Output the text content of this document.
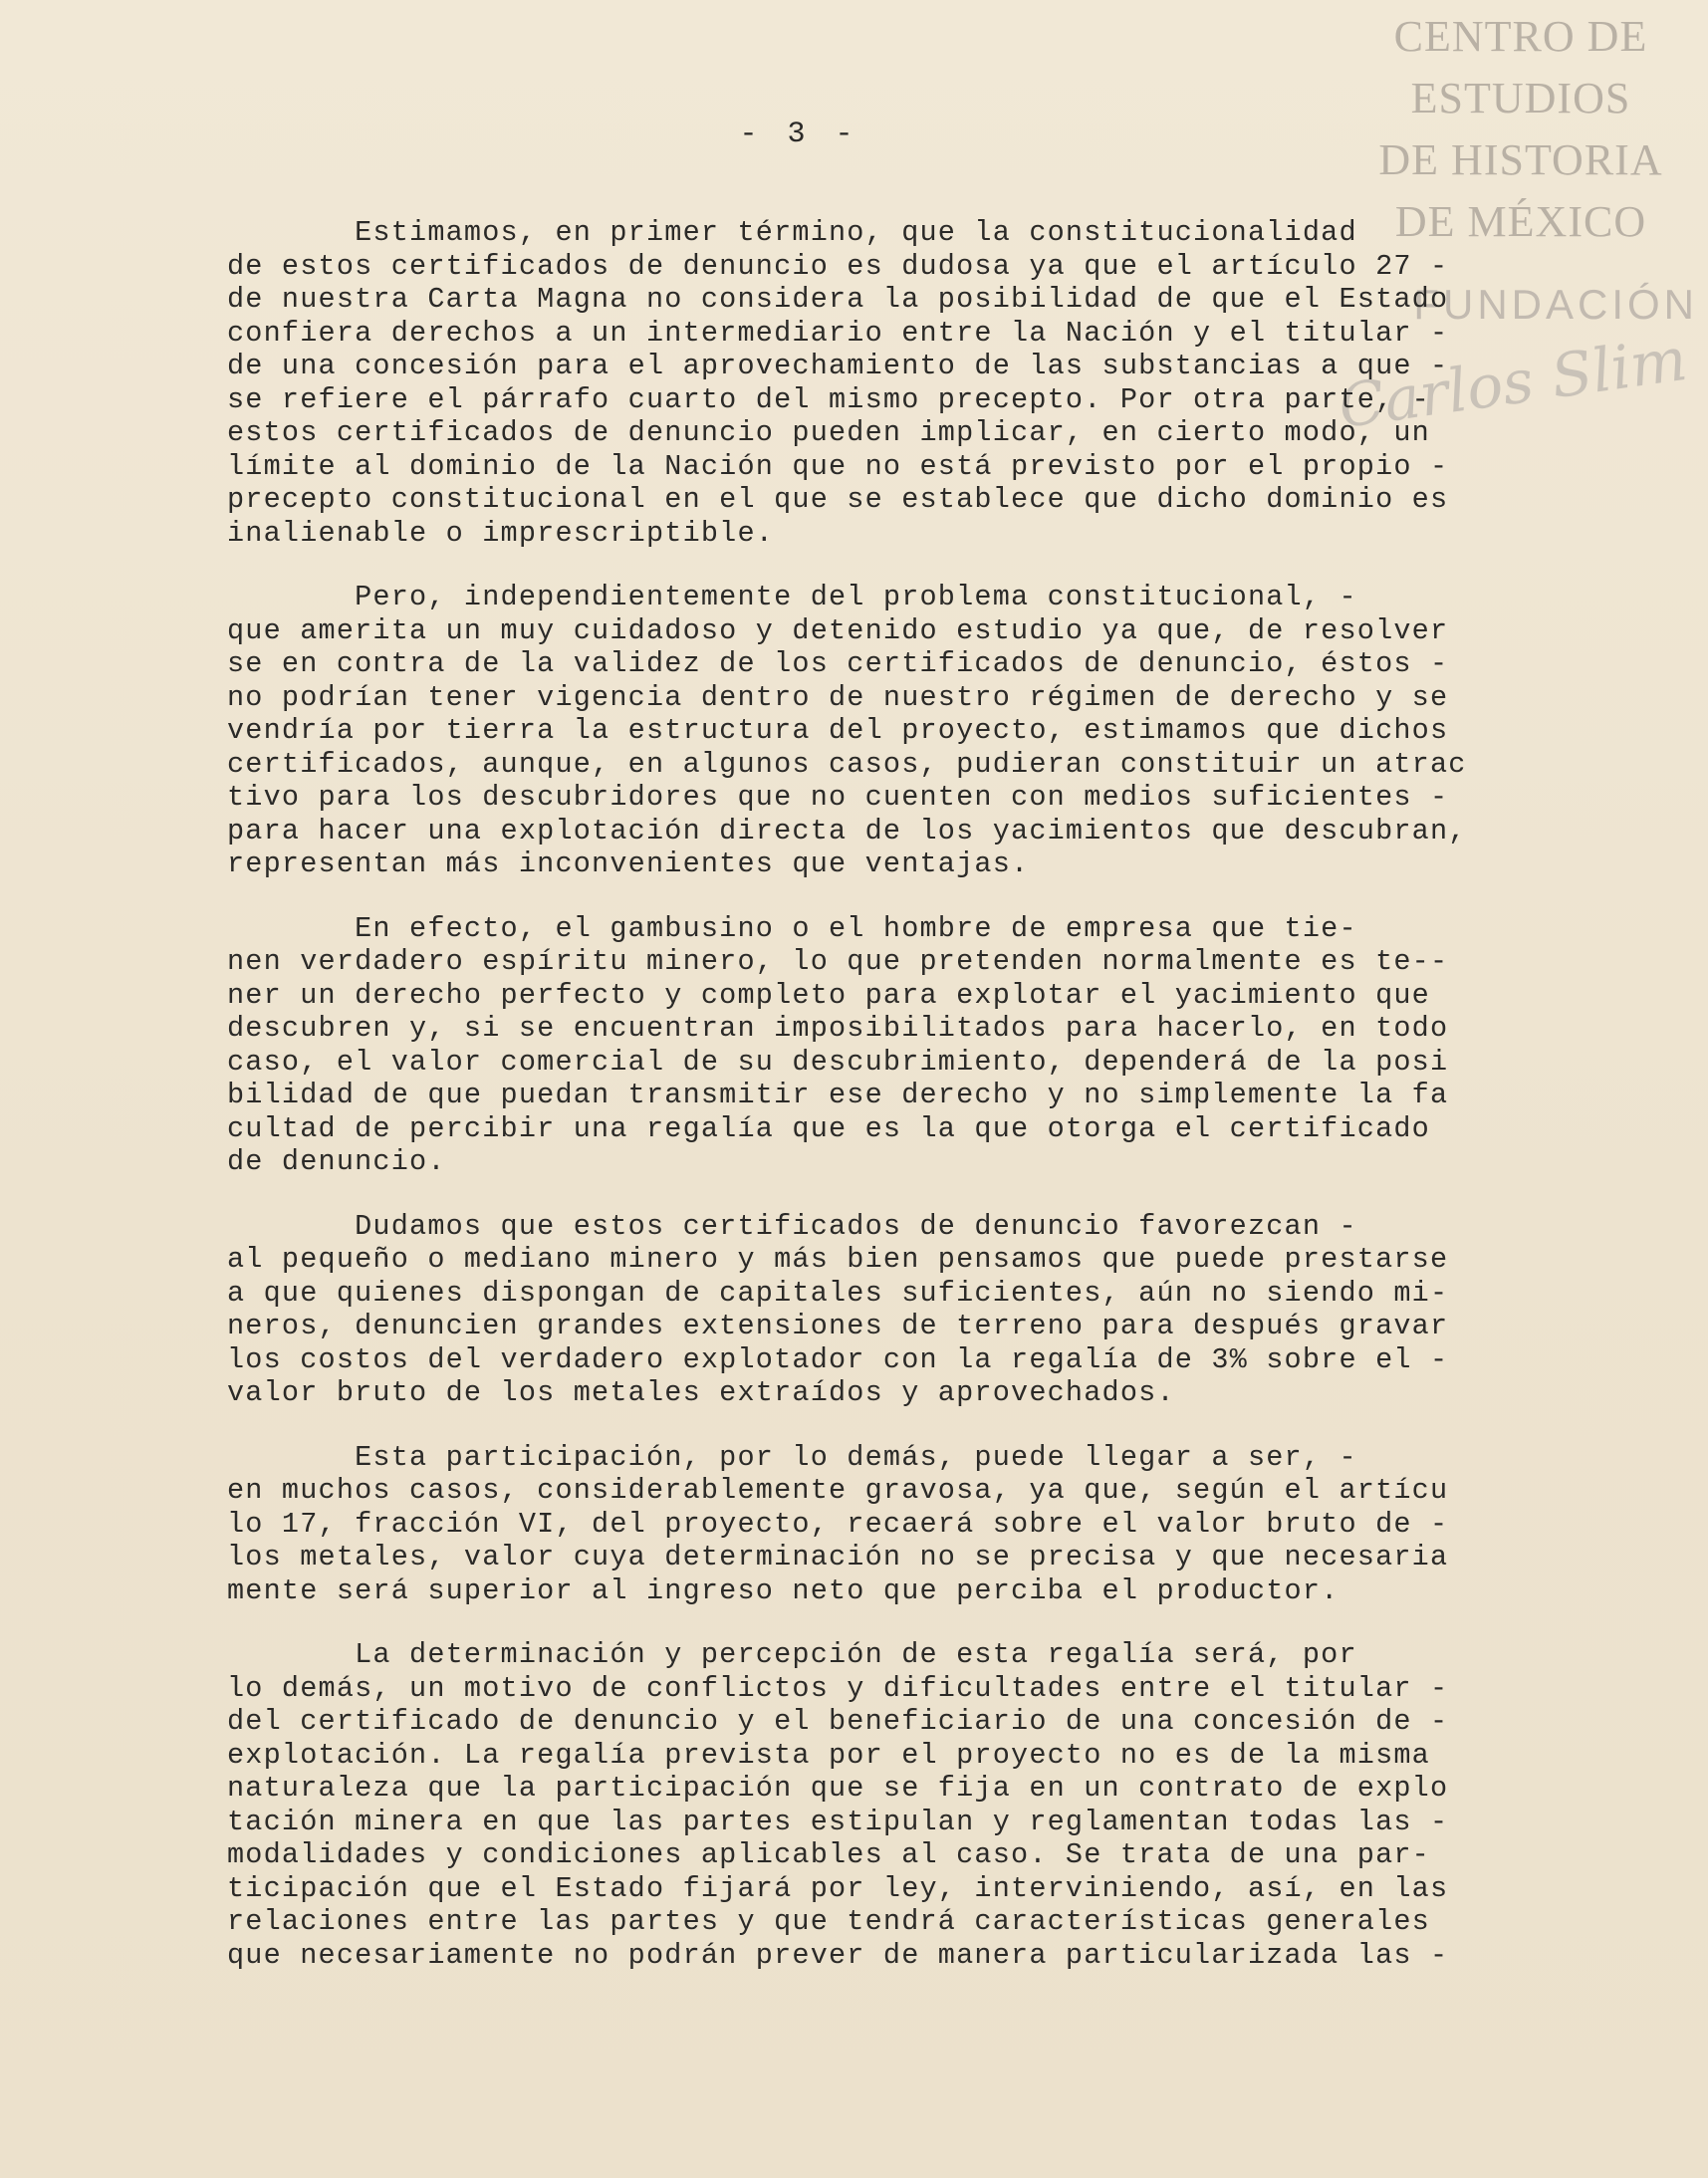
CENTRO DE
ESTUDIOS
DE HISTORIA
DE MÉXICO
FUNDACIÓN
Carlos Slim
- 3 -
Estimamos, en primer término, que la constitucionalidad
de estos certificados de denuncio es dudosa ya que el artículo 27 -
de nuestra Carta Magna no considera la posibilidad de que el Estado
confiera derechos a un intermediario entre la Nación y el titular -
de una concesión para el aprovechamiento de las substancias a que -
se refiere el párrafo cuarto del mismo precepto. Por otra parte, -
estos certificados de denuncio pueden implicar, en cierto modo, un
límite al dominio de la Nación que no está previsto por el propio -
precepto constitucional en el que se establece que dicho dominio es
inalienable o imprescriptible.
Pero, independientemente del problema constitucional, -
que amerita un muy cuidadoso y detenido estudio ya que, de resolver
se en contra de la validez de los certificados de denuncio, éstos -
no podrían tener vigencia dentro de nuestro régimen de derecho y se
vendría por tierra la estructura del proyecto, estimamos que dichos
certificados, aunque, en algunos casos, pudieran constituir un atrac
tivo para los descubridores que no cuenten con medios suficientes -
para hacer una explotación directa de los yacimientos que descubran,
representan más inconvenientes que ventajas.
En efecto, el gambusino o el hombre de empresa que tie-
nen verdadero espíritu minero, lo que pretenden normalmente es te--
ner un derecho perfecto y completo para explotar el yacimiento que
descubren y, si se encuentran imposibilitados para hacerlo, en todo
caso, el valor comercial de su descubrimiento, dependerá de la posi
bilidad de que puedan transmitir ese derecho y no simplemente la fa
cultad de percibir una regalía que es la que otorga el certificado
de denuncio.
Dudamos que estos certificados de denuncio favorezcan -
al pequeño o mediano minero y más bien pensamos que puede prestarse
a que quienes dispongan de capitales suficientes, aún no siendo mi-
neros, denuncien grandes extensiones de terreno para después gravar
los costos del verdadero explotador con la regalía de 3% sobre el -
valor bruto de los metales extraídos y aprovechados.
Esta participación, por lo demás, puede llegar a ser, -
en muchos casos, considerablemente gravosa, ya que, según el artícu
lo 17, fracción VI, del proyecto, recaerá sobre el valor bruto de -
los metales, valor cuya determinación no se precisa y que necesaria
mente será superior al ingreso neto que perciba el productor.
La determinación y percepción de esta regalía será, por
lo demás, un motivo de conflictos y dificultades entre el titular -
del certificado de denuncio y el beneficiario de una concesión de -
explotación. La regalía prevista por el proyecto no es de la misma
naturaleza que la participación que se fija en un contrato de explo
tación minera en que las partes estipulan y reglamentan todas las -
modalidades y condiciones aplicables al caso. Se trata de una par-
ticipación que el Estado fijará por ley, interviniendo, así, en las
relaciones entre las partes y que tendrá características generales
que necesariamente no podrán prever de manera particularizada las -
